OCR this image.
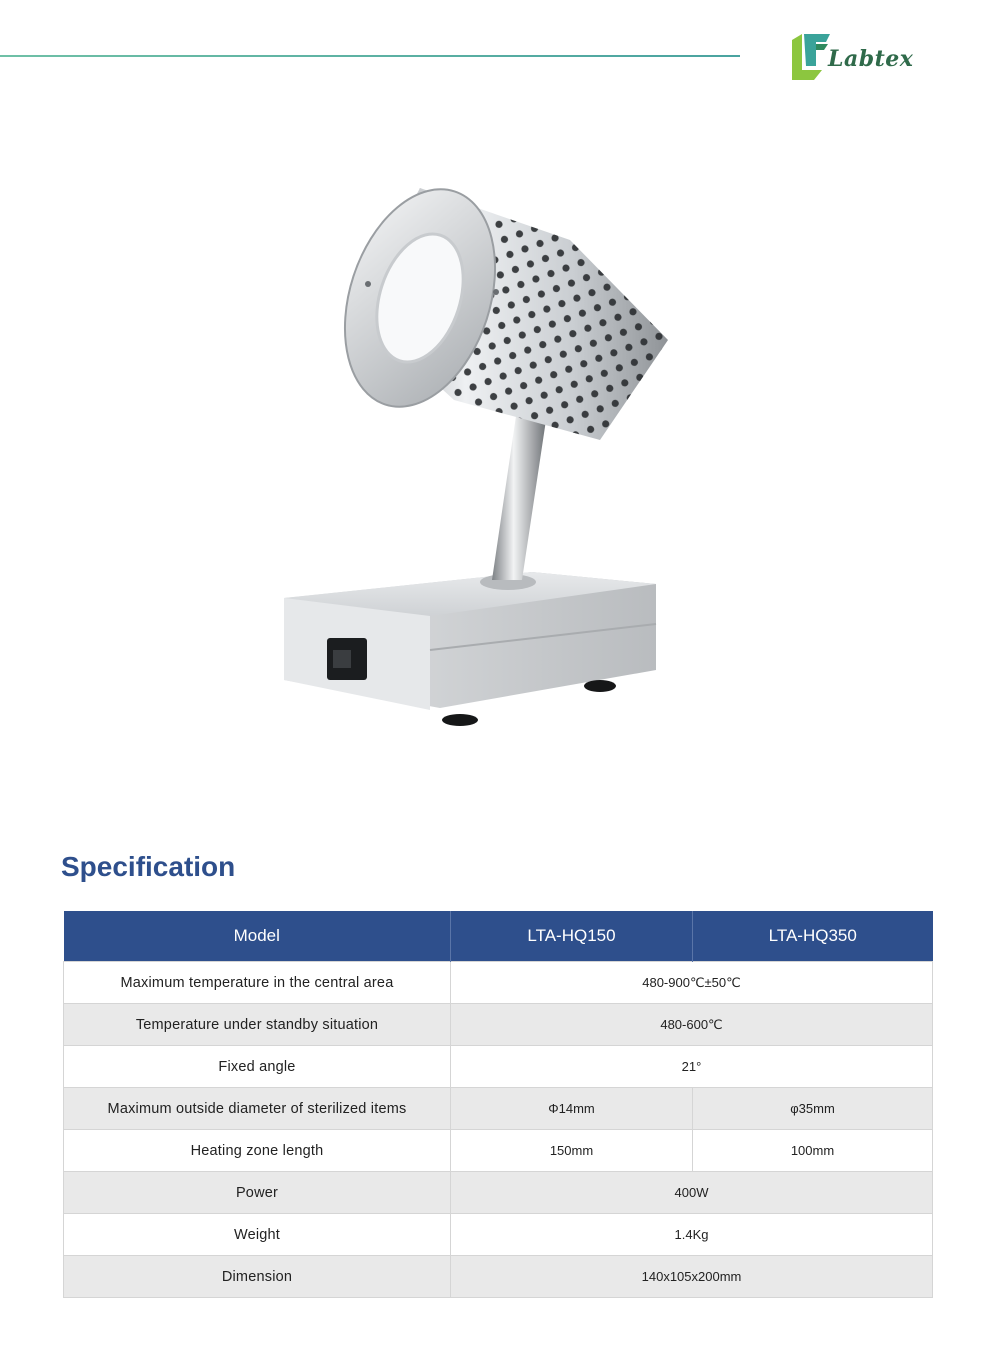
Labtex
Specification
Model	LTA-HQ150	LTA-HQ350
Maximum temperature in the central area	480-900℃±50℃	
Temperature under standby situation	480-600℃	
Fixed angle	21°	
Maximum outside diameter of sterilized items	Φ14mm	φ35mm
Heating zone length	150mm	100mm
Power	400W	
Weight	1.4Kg	
Dimension	140x105x200mm	
